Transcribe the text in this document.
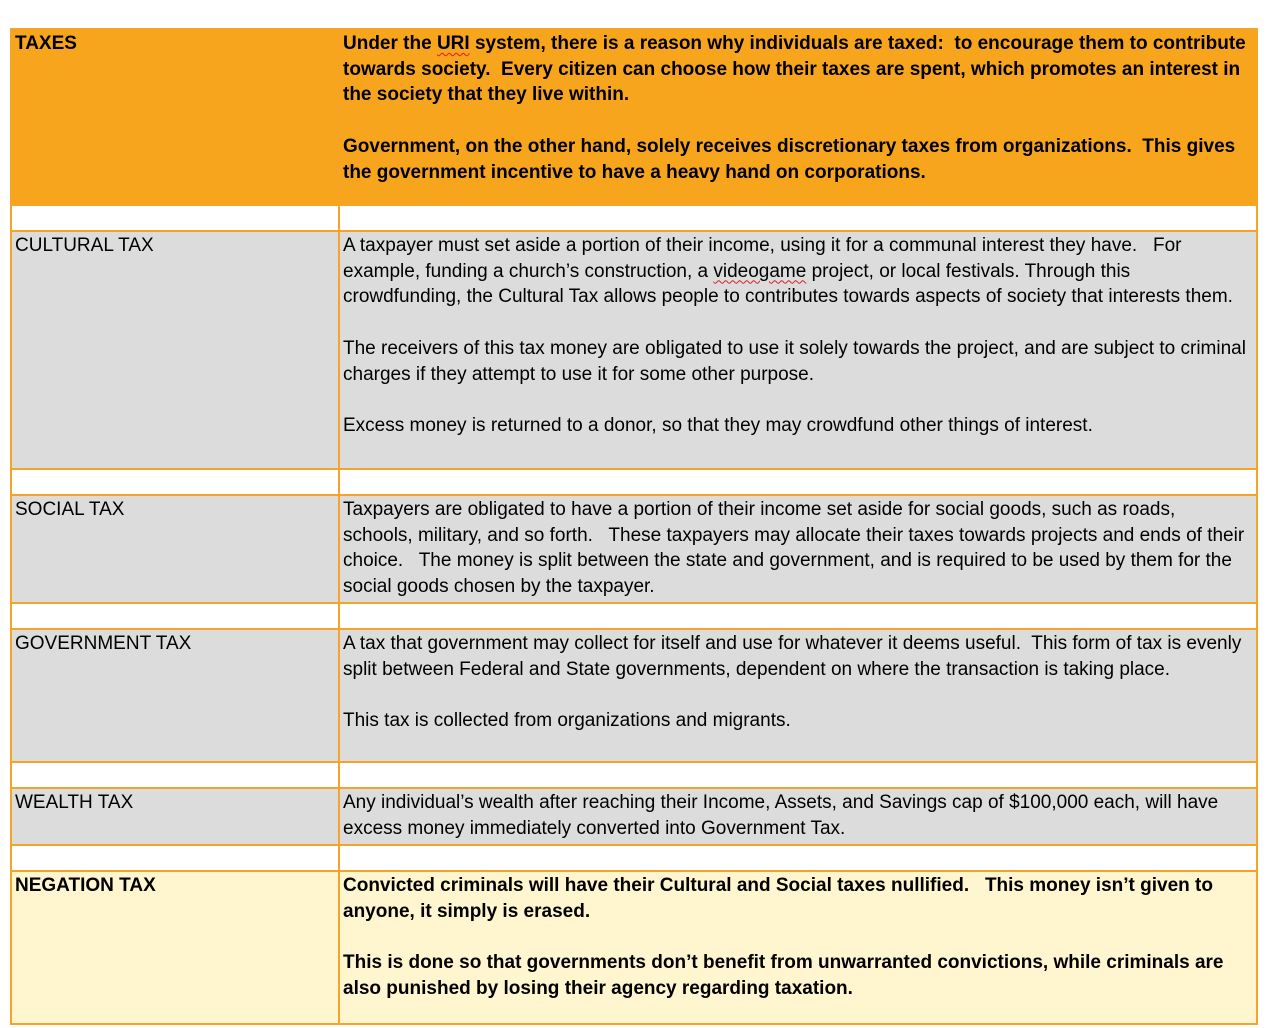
TAXES	Under the URI system, there is a reason why individuals are taxed:  to encourage them to contribute towards society.  Every citizen can choose how their taxes are spent, which promotes an interest in the society that they live within.

Government, on the other hand, solely receives discretionary taxes from organizations.  This gives the government incentive to have a heavy hand on corporations.

CULTURAL TAX	A taxpayer must set aside a portion of their income, using it for a communal interest they have.   For example, funding a church’s construction, a videogame project, or local festivals. Through this crowdfunding, the Cultural Tax allows people to contributes towards aspects of society that interests them.

The receivers of this tax money are obligated to use it solely towards the project, and are subject to criminal charges if they attempt to use it for some other purpose.

Excess money is returned to a donor, so that they may crowdfund other things of interest.

SOCIAL TAX	Taxpayers are obligated to have a portion of their income set aside for social goods, such as roads, schools, military, and so forth.   These taxpayers may allocate their taxes towards projects and ends of their choice.   The money is split between the state and government, and is required to be used by them for the social goods chosen by the taxpayer.

GOVERNMENT TAX	A tax that government may collect for itself and use for whatever it deems useful.  This form of tax is evenly split between Federal and State governments, dependent on where the transaction is taking place.

This tax is collected from organizations and migrants.

WEALTH TAX	Any individual’s wealth after reaching their Income, Assets, and Savings cap of $100,000 each, will have excess money immediately converted into Government Tax.

NEGATION TAX	Convicted criminals will have their Cultural and Social taxes nullified.   This money isn’t given to anyone, it simply is erased.

This is done so that governments don’t benefit from unwarranted convictions, while criminals are also punished by losing their agency regarding taxation.
